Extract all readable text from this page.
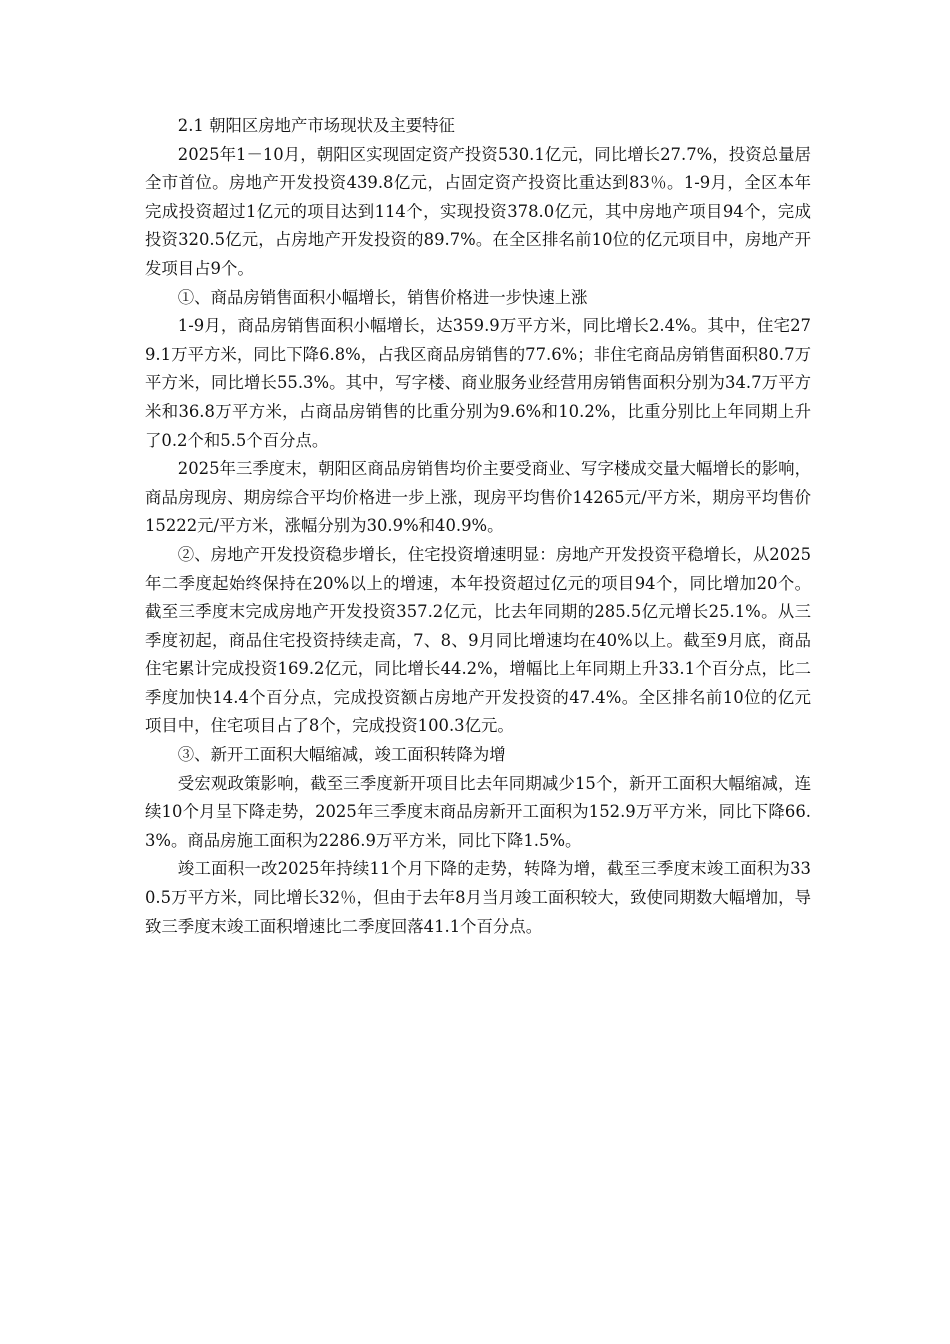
2.1 朝阳区房地产市场现状及主要特征

2025年1－10月，朝阳区实现固定资产投资530.1亿元，同比增长27.7%，投资总量居全市首位。房地产开发投资439.8亿元，占固定资产投资比重达到83％。1-9月，全区本年完成投资超过1亿元的项目达到114个，实现投资378.0亿元，其中房地产项目94个，完成投资320.5亿元，占房地产开发投资的89.7%。在全区排名前10位的亿元项目中，房地产开发项目占9个。

①、商品房销售面积小幅增长，销售价格进一步快速上涨

1-9月，商品房销售面积小幅增长，达359.9万平方米，同比增长2.4%。其中，住宅279.1万平方米，同比下降6.8%，占我区商品房销售的77.6%；非住宅商品房销售面积80.7万平方米，同比增长55.3%。其中，写字楼、商业服务业经营用房销售面积分别为34.7万平方米和36.8万平方米，占商品房销售的比重分别为9.6%和10.2%，比重分别比上年同期上升了0.2个和5.5个百分点。

2025年三季度末，朝阳区商品房销售均价主要受商业、写字楼成交量大幅增长的影响，商品房现房、期房综合平均价格进一步上涨，现房平均售价14265元/平方米，期房平均售价15222元/平方米，涨幅分别为30.9%和40.9%。

②、房地产开发投资稳步增长，住宅投资增速明显：房地产开发投资平稳增长，从2025年二季度起始终保持在20%以上的增速，本年投资超过亿元的项目94个，同比增加20个。截至三季度末完成房地产开发投资357.2亿元，比去年同期的285.5亿元增长25.1%。从三季度初起，商品住宅投资持续走高，7、8、9月同比增速均在40%以上。截至9月底，商品住宅累计完成投资169.2亿元，同比增长44.2%，增幅比上年同期上升33.1个百分点，比二季度加快14.4个百分点，完成投资额占房地产开发投资的47.4%。全区排名前10位的亿元项目中，住宅项目占了8个，完成投资100.3亿元。

③、新开工面积大幅缩减，竣工面积转降为增

受宏观政策影响，截至三季度新开项目比去年同期减少15个，新开工面积大幅缩减，连续10个月呈下降走势，2025年三季度末商品房新开工面积为152.9万平方米，同比下降66.3%。商品房施工面积为2286.9万平方米，同比下降1.5%。

竣工面积一改2025年持续11个月下降的走势，转降为增，截至三季度末竣工面积为330.5万平方米，同比增长32％，但由于去年8月当月竣工面积较大，致使同期数大幅增加，导致三季度末竣工面积增速比二季度回落41.1个百分点。
